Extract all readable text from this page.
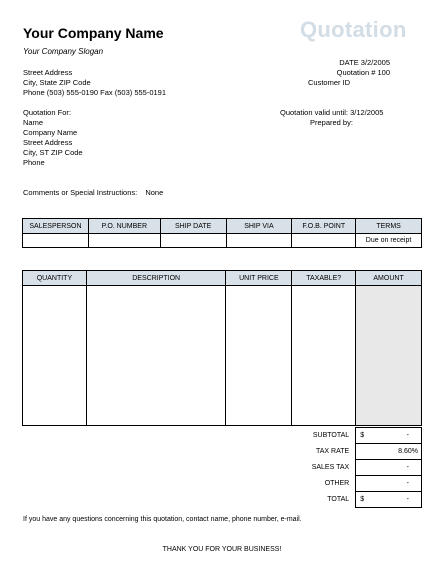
Your Company Name
Your Company Slogan
Quotation
Street Address
City, State ZIP Code
Phone (503) 555-0190 Fax (503) 555-0191
DATE 3/2/2005
Quotation # 100
Customer ID
Quotation For:
Name
Company Name
Street Address
City, ST ZIP Code
Phone
Quotation valid until: 3/12/2005
Prepared by:
Comments or Special Instructions: None
SALESPERSON	P.O. NUMBER	SHIP DATE	SHIP VIA	F.O.B. POINT	TERMS
					Due on receipt
QUANTITY	DESCRIPTION	UNIT PRICE	TAXABLE?	AMOUNT

SUBTOTAL	$ -

TAX RATE	8.60%
SALES TAX	-
OTHER	-
TOTAL	$ -
If you have any questions concerning this quotation, contact name, phone number, e-mail.
THANK YOU FOR YOUR BUSINESS!
